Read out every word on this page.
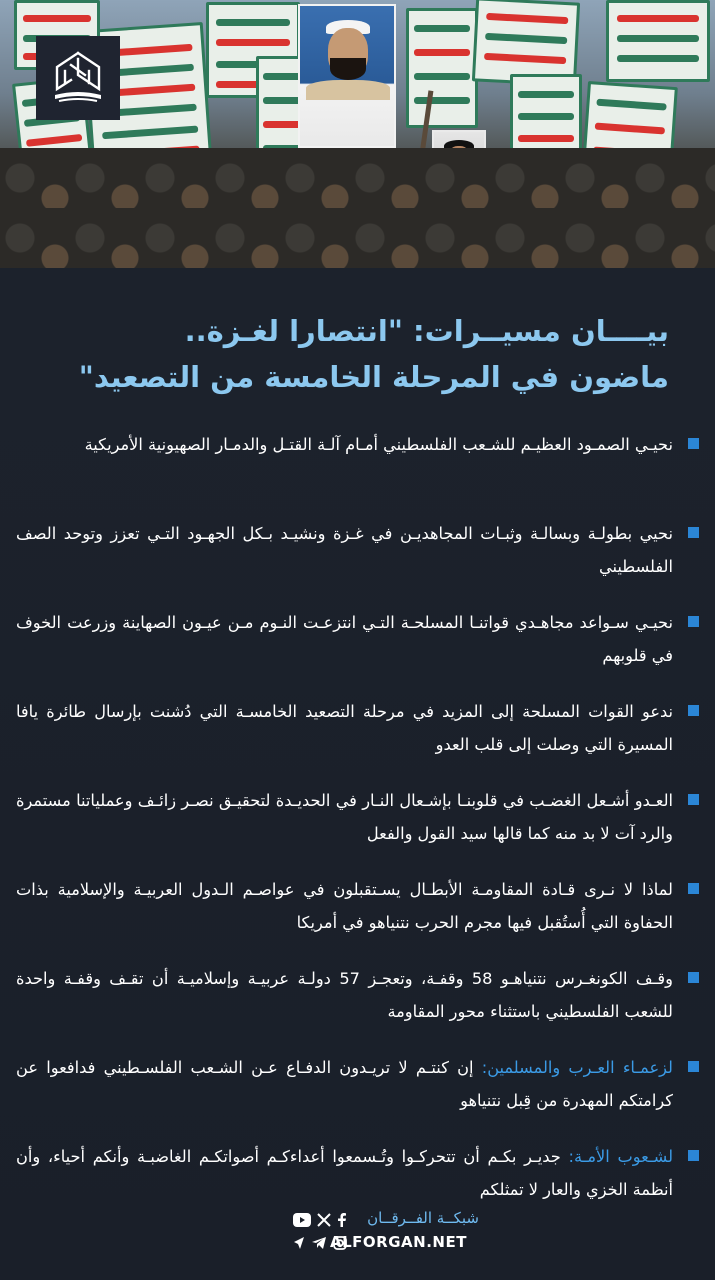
بيــــان مسيــرات: "انتصارا لغـزة..
ماضون في المرحلة الخامسة من التصعيد"
نحيـي الصمـود العظيـم للشـعب الفلسطيني أمـام آلـة القتـل والدمـار الصهيونية الأمريكية
نحيي بطولـة وبسالـة وثبـات المجاهديـن في غـزة ونشيـد بـكل الجهـود التـي تعزز وتوحد الصف الفلسطيني
نحيـي سـواعد مجاهـدي قواتنـا المسلحـة التـي انتزعـت النـوم مـن عيـون الصهاينة وزرعت الخوف في قلوبهم
ندعو القوات المسلحة إلى المزيد في مرحلة التصعيد الخامسـة التي دُشنت بإرسال طائرة يافا المسيرة التي وصلت إلى قلب العدو
العـدو أشـعل الغضـب في قلوبنـا بإشـعال النـار في الحديـدة لتحقيـق نصـر زائـف وعملياتنا مستمرة والرد آت لا بد منه كما قالها سيد القول والفعل
لماذا لا نـرى قـادة المقاومـة الأبطـال يسـتقبلون في عواصـم الـدول العربيـة والإسلامية بذات الحفاوة التي أُستُقبل فيها مجرم الحرب نتنياهو في أمريكا
وقـف الكونغـرس نتنياهـو 58 وقفـة، وتعجـز 57 دولـة عربيـة وإسلاميـة أن تقـف وقفـة واحدة للشعب الفلسطيني باستثناء محور المقاومة
لزعمـاء العـرب والمسلمين: إن كنتـم لا تريـدون الدفـاع عـن الشـعب الفلسـطيني فدافعوا عن كرامتكم المهدرة من قِبل نتنياهو
لشـعوب الأمـة: جديـر بكـم أن تتحركـوا وتُـسمعوا أعداءكـم أصواتكـم الغاضبـة وأنكم أحياء، وأن أنظمة الخزي والعار لا تمثلكم
شبكــة الفــرقــان
ALFORGAN.NET
